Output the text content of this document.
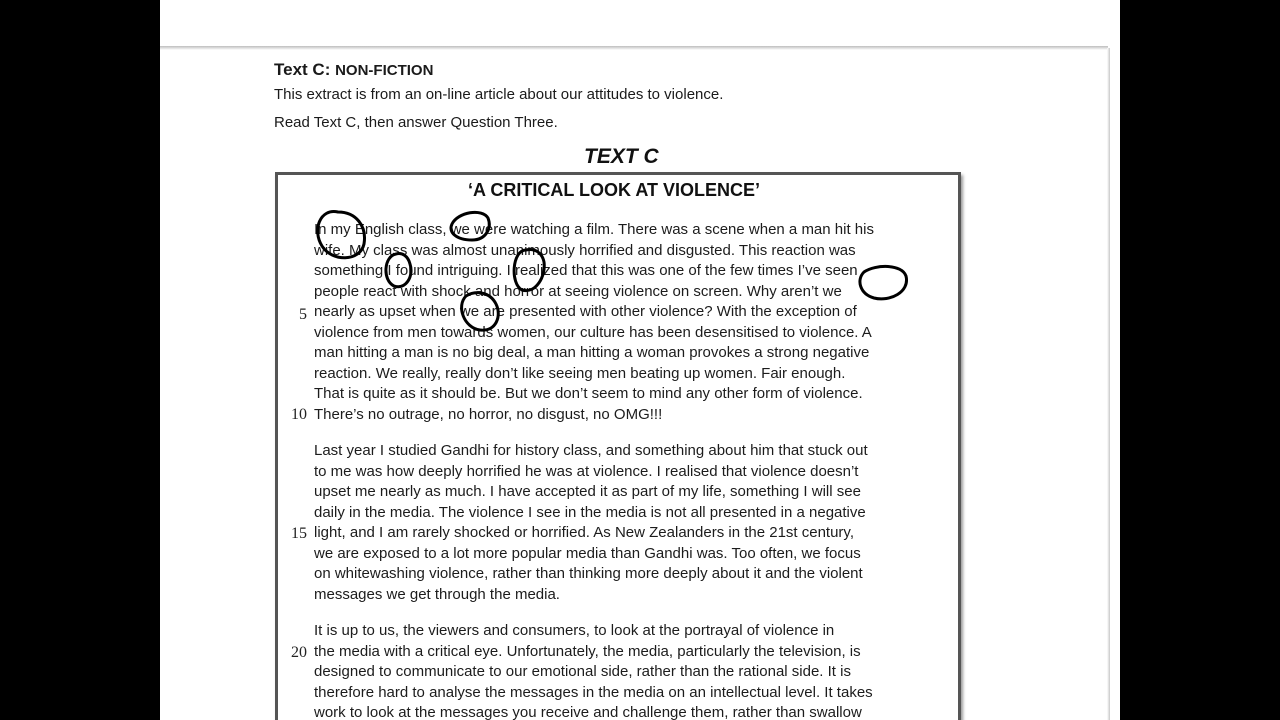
Text C: NON-FICTION
This extract is from an on-line article about our attitudes to violence.
Read Text C, then answer Question Three.
TEXT C
‘A CRITICAL LOOK AT VIOLENCE’
In my English class, we were watching a film. There was a scene when a man hit his
wife. My class was almost unanimously horrified and disgusted. This reaction was
something I found intriguing. I realized that this was one of the few times I’ve seen
people react with shock and horror at seeing violence on screen. Why aren’t we
nearly as upset when we are presented with other violence? With the exception of
violence from men towards women, our culture has been desensitised to violence. A
man hitting a man is no big deal, a man hitting a woman provokes a strong negative
reaction. We really, really don’t like seeing men beating up women. Fair enough.
That is quite as it should be. But we don’t seem to mind any other form of violence.
There’s no outrage, no horror, no disgust, no OMG!!!
Last year I studied Gandhi for history class, and something about him that stuck out
to me was how deeply horrified he was at violence. I realised that violence doesn’t
upset me nearly as much. I have accepted it as part of my life, something I will see
daily in the media. The violence I see in the media is not all presented in a negative
light, and I am rarely shocked or horrified. As New Zealanders in the 21st century,
we are exposed to a lot more popular media than Gandhi was. Too often, we focus
on whitewashing violence, rather than thinking more deeply about it and the violent
messages we get through the media.
It is up to us, the viewers and consumers, to look at the portrayal of violence in
the media with a critical eye. Unfortunately, the media, particularly the television, is
designed to communicate to our emotional side, rather than the rational side. It is
therefore hard to analyse the messages in the media on an intellectual level. It takes
work to look at the messages you receive and challenge them, rather than swallow
5
10
15
20
